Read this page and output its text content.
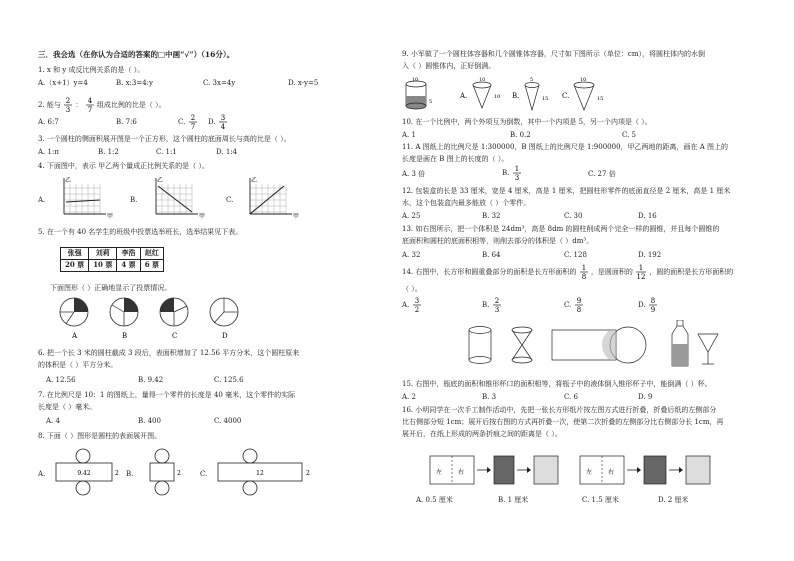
三．我会选（在你认为合适的答案的□中画“√”）（16分）。
1. x 和 y 成反比例关系的是（ ）。
A.（x+1）y=4	B. x:3=4:y	C. 3x=4y	D. x-y=5
2. 能与 2
3
： 4
7
组成比例的比是（ ）。
A. 6:7	B. 7:6	C. 2
7
D. 3
4
3. 一个圆柱的侧面积展开图是一个正方形，这个圆柱的底面周长与高的比是（ ）。
A. 1:π	B. 1:2	C. 1:1	D. 1:4
4. 下面图中，表示 甲乙两个量成正比例关系的是（ ）。
A.	B.	C.
乙
甲
乙
甲
乙
甲
5. 在一个有 40 名学生的班级中投票选举班长，选举结果见下表。
张强	刘莉	李浩	赵红
20 票	10 票	4 票	6 票
下面图形（ ）正确地显示了投票情况。
A	B	C	D
6. 把一个长 3 米的圆柱截成 3 段后，表面积增加了 12.56 平方分米，这个圆柱原来
的体积是（ ）平方分米。
A. 12.56	B. 9.42	C. 125.6
7. 在比例尺是 10：1 的图纸上，量得一个零件的长度是 40 毫米，这个零件的实际
长度是（ ）毫米。
A. 4	B. 400	C. 4000
8. 下面（ ）图形是圆柱的表面展开图。
A.	B.	C.
9.42	2	2	12	2
9. 小军做了一个圆柱体容器和几个圆锥体容器，尺寸如下图所示（单位：cm），将圆柱体内的水倒
入（ ）圆锥体内，正好倒满。
10
5
A.
10
10 B.
5
15 C.
10
15
10. 在一个比例中，两个外项互为倒数，其中一个内项是 5，另一个内项是（ ）。
A. 1	B. 0.2	C. 5
11. A 图纸上的比例尺是 1:300000，B 图纸上的比例尺是 1:900000，甲乙两地的距离，画在 A 图上的
长度是画在 B 图上的长度的（ ）。
A. 3 倍	B. 1
3	C. 27 倍
12. 包装盒的长是 33 厘米，宽是 4 厘米，高是 1 厘米，把圆柱形零件的底面直径是 2 厘米，高是 1 厘米
水，这个包装盒内最多能放（ ）个零件。
A. 25	B. 32	C. 30	D. 16
13. 如右图所示，把一个体积是 24dm³，高是 8dm 的圆柱削成两个完全一样的圆锥，并且每个圆锥的
底面积和圆柱的底面积相等，则削去部分的体积是（ ）dm³。
A. 32	B. 64	C. 128	D. 192
14. 右图中，长方形和圆重叠部分的面积是长方形面积的 1
8
，是圆面积的 1
12
，圆的面积是长方形面积的
（ ）。
A. 3
2
B. 2
3
C. 9
8
D. 8
9
15. 右图中，瓶底的面积和锥形杯口的面积相等，将瓶子中的液体倒入锥形杯子中，能倒满（ ）杯。
A. 2	B. 3	C. 6	D. 9
16. 小明同学在一次手工制作活动中，先把一张长方形纸片按左图方式进行折叠，折叠后纸的左侧部分
比右侧部分短 1cm；展开后按右图的方式再折叠一次，使第二次折叠的左侧部分比右侧部分长 1cm，再
展开后，在纸上形成的两条折痕之间的距离是（ ）。
左	右	左	右
A. 0.5 厘米	B. 1 厘米	C. 1.5 厘米	D. 2 厘米
